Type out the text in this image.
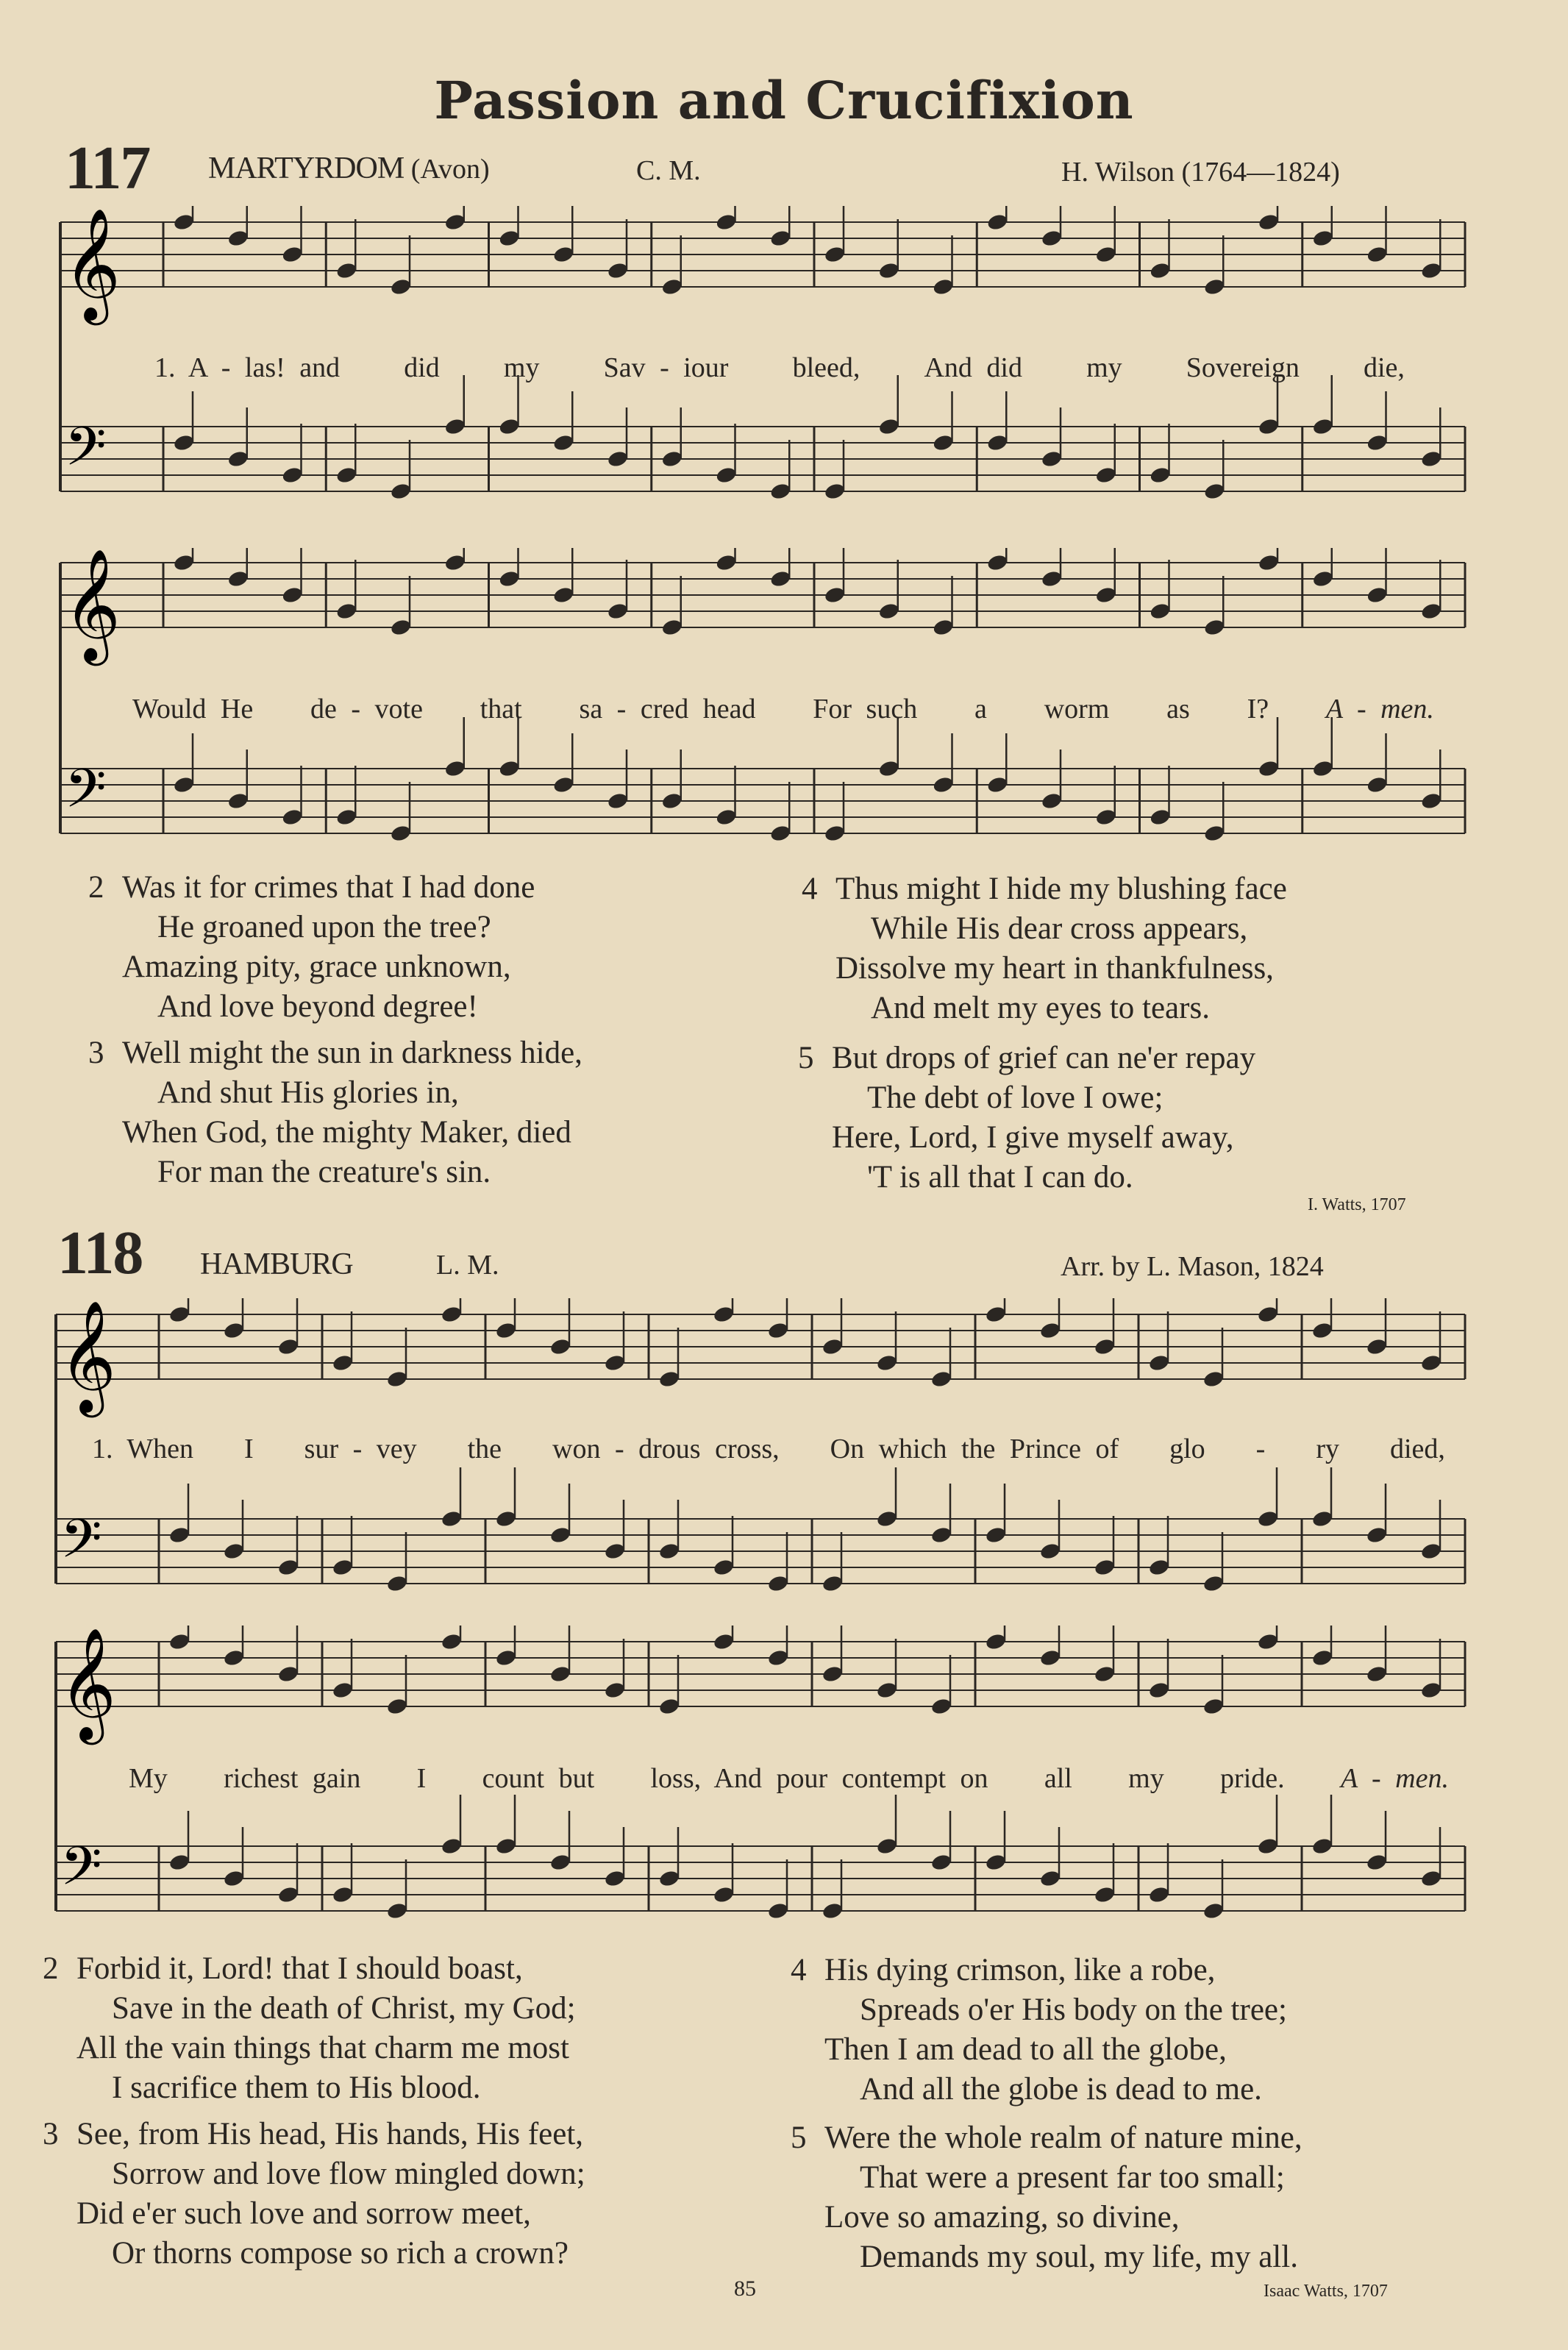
Passion and Crucifixion
117 MARTYRDOM (Avon)	C. M.	H. Wilson (1764—1824)
𝄞
𝄢
1. A - las! and did my Sav - iour bleed, And did my Sovereign die,
𝄞
𝄢
Would He de - vote that sa - cred head For such a worm as I? A - men.
2 Was it for crimes that I had done
He groaned upon the tree?
Amazing pity, grace unknown,
And love beyond degree!
3 Well might the sun in darkness hide,
And shut His glories in,
When God, the mighty Maker, died
For man the creature's sin.
4 Thus might I hide my blushing face
While His dear cross appears,
Dissolve my heart in thankfulness,
And melt my eyes to tears.
5 But drops of grief can ne'er repay
The debt of love I owe;
Here, Lord, I give myself away,
'T is all that I can do.
I. Watts, 1707
118 HAMBURG	L. M.	Arr. by L. Mason, 1824
𝄞
𝄢
1. When I sur - vey the won - drous cross, On which the Prince of glo - ry died,
𝄞
𝄢
My richest gain I count but loss, And pour contempt on all my pride. A - men.
2 Forbid it, Lord! that I should boast,
Save in the death of Christ, my God;
All the vain things that charm me most
I sacrifice them to His blood.
3 See, from His head, His hands, His feet,
Sorrow and love flow mingled down;
Did e'er such love and sorrow meet,
Or thorns compose so rich a crown?
4 His dying crimson, like a robe,
Spreads o'er His body on the tree;
Then I am dead to all the globe,
And all the globe is dead to me.
5 Were the whole realm of nature mine,
That were a present far too small;
Love so amazing, so divine,
Demands my soul, my life, my all.
85	Isaac Watts, 1707
